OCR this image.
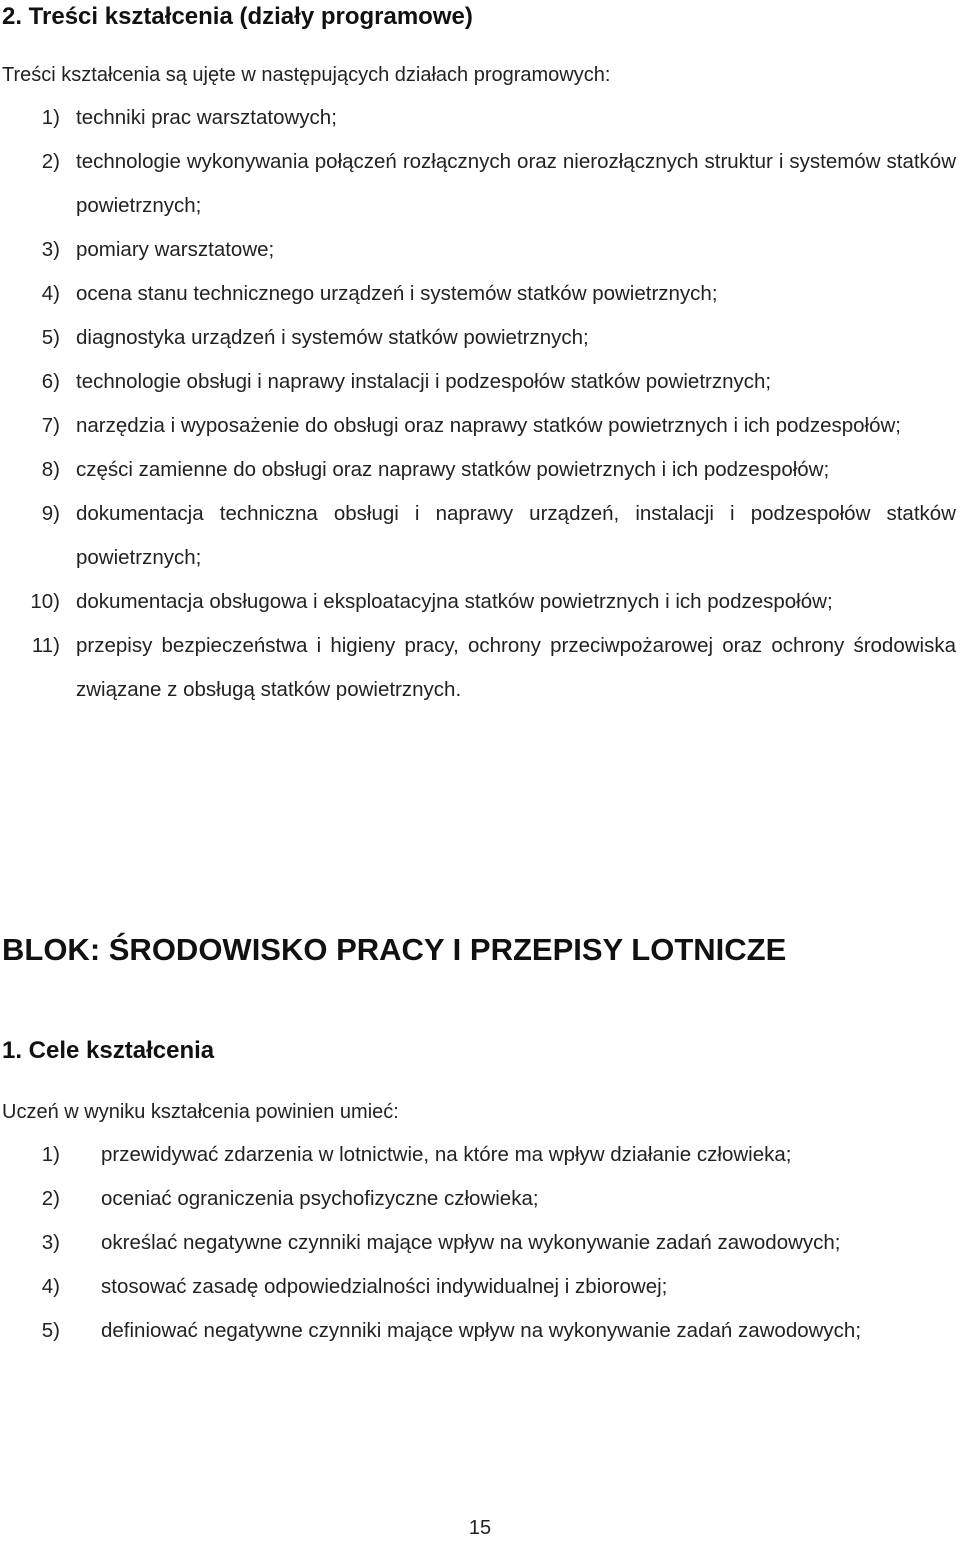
2. Treści kształcenia (działy programowe)

Treści kształcenia są ujęte w następujących działach programowych:

1) techniki prac warsztatowych;
2) technologie wykonywania połączeń rozłącznych oraz nierozłącznych struktur i systemów statków powietrznych;
3) pomiary warsztatowe;
4) ocena stanu technicznego urządzeń i systemów statków powietrznych;
5) diagnostyka urządzeń i systemów statków powietrznych;
6) technologie obsługi i naprawy instalacji i podzespołów statków powietrznych;
7) narzędzia i wyposażenie do obsługi oraz naprawy statków powietrznych i ich podzespołów;
8) części zamienne do obsługi oraz naprawy statków powietrznych i ich podzespołów;
9) dokumentacja techniczna obsługi i naprawy urządzeń, instalacji i podzespołów statków powietrznych;
10) dokumentacja obsługowa i eksploatacyjna statków powietrznych i ich podzespołów;
11) przepisy bezpieczeństwa i higieny pracy, ochrony przeciwpożarowej oraz ochrony środowiska związane z obsługą statków powietrznych.
BLOK: ŚRODOWISKO PRACY I PRZEPISY LOTNICZE
1. Cele kształcenia

Uczeń w wyniku kształcenia powinien umieć:

1) przewidywać zdarzenia w lotnictwie, na które ma wpływ działanie człowieka;
2) oceniać ograniczenia psychofizyczne człowieka;
3) określać negatywne czynniki mające wpływ na wykonywanie zadań zawodowych;
4) stosować zasadę odpowiedzialności indywidualnej i zbiorowej;
5) definiować negatywne czynniki mające wpływ na wykonywanie zadań zawodowych;

15
